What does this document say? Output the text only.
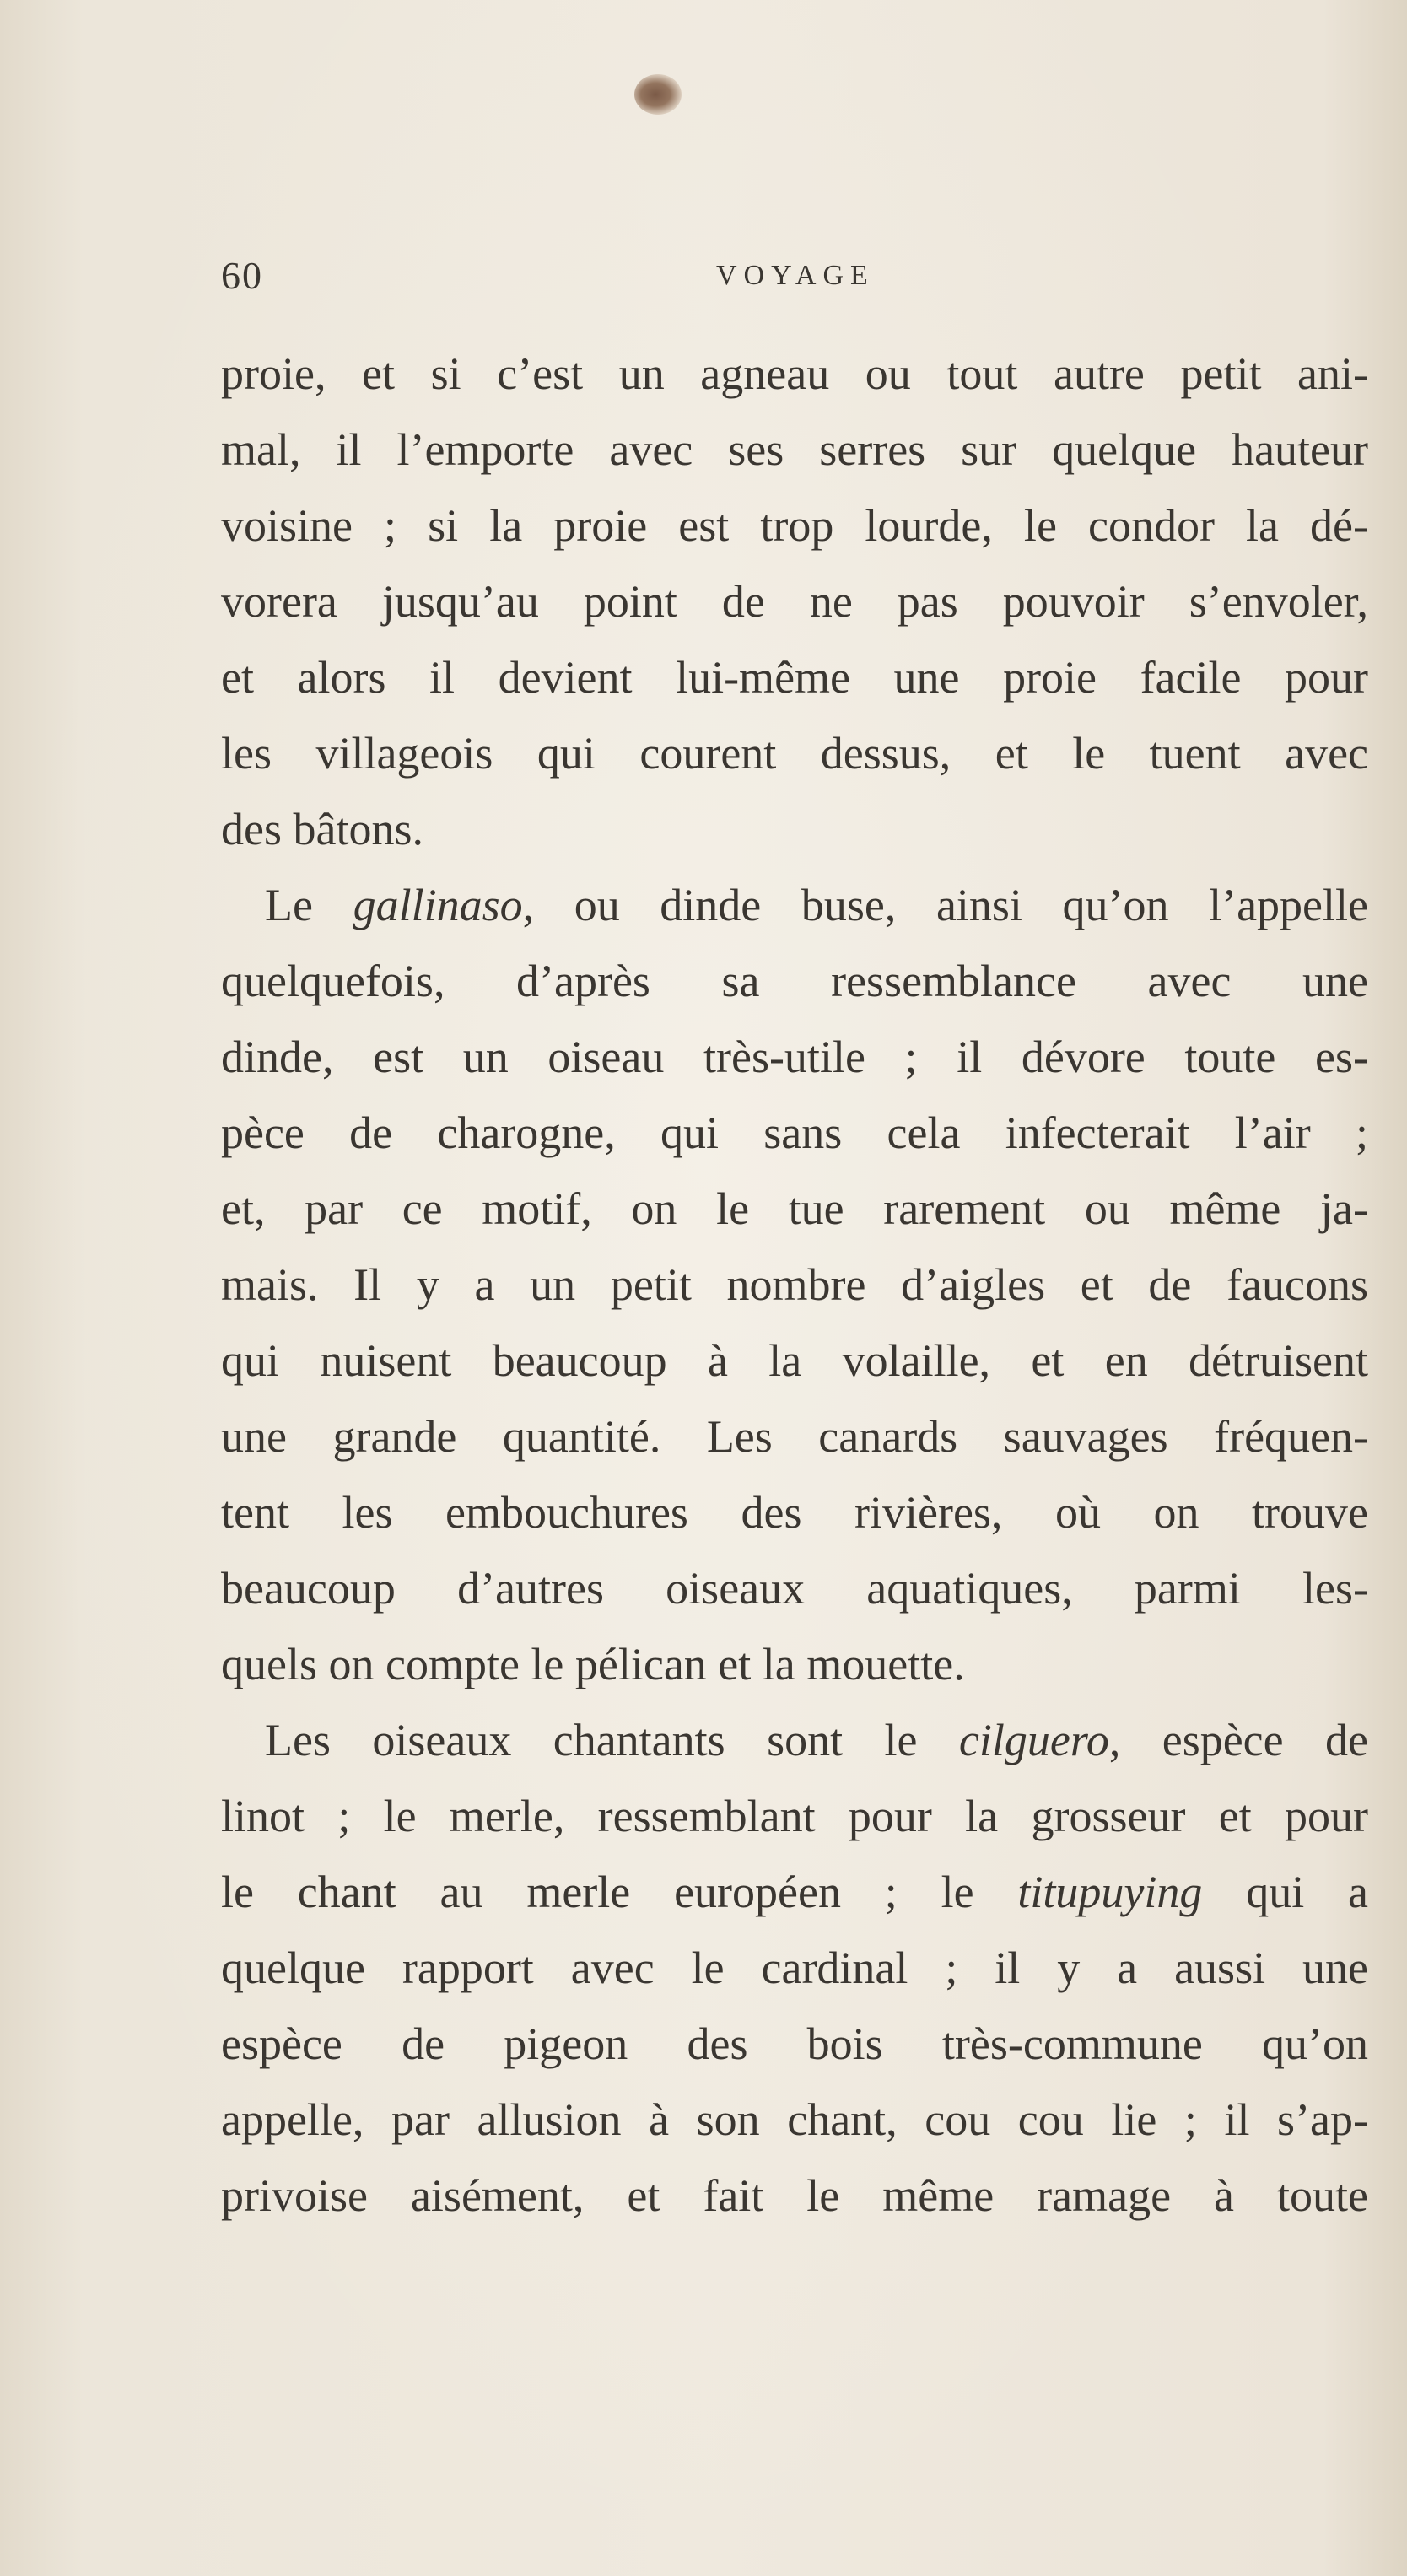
60	VOYAGE
proie, et si c’est un agneau ou tout autre petit ani-
mal, il l’emporte avec ses serres sur quelque hauteur
voisine ; si la proie est trop lourde, le condor la dé-
vorera jusqu’au point de ne pas pouvoir s’envoler,
et alors il devient lui-même une proie facile pour
les villageois qui courent dessus, et le tuent avec
des bâtons.
Le gallinaso, ou dinde buse, ainsi qu’on l’appelle
quelquefois, d’après sa ressemblance avec une
dinde, est un oiseau très-utile ; il dévore toute es-
pèce de charogne, qui sans cela infecterait l’air ;
et, par ce motif, on le tue rarement ou même ja-
mais. Il y a un petit nombre d’aigles et de faucons
qui nuisent beaucoup à la volaille, et en détruisent
une grande quantité. Les canards sauvages fréquen-
tent les embouchures des rivières, où on trouve
beaucoup d’autres oiseaux aquatiques, parmi les-
quels on compte le pélican et la mouette.
Les oiseaux chantants sont le cilguero, espèce de
linot ; le merle, ressemblant pour la grosseur et pour
le chant au merle européen ; le titupuying qui a
quelque rapport avec le cardinal ; il y a aussi une
espèce de pigeon des bois très-commune qu’on
appelle, par allusion à son chant, cou cou lie ; il s’ap-
privoise aisément, et fait le même ramage à toute
